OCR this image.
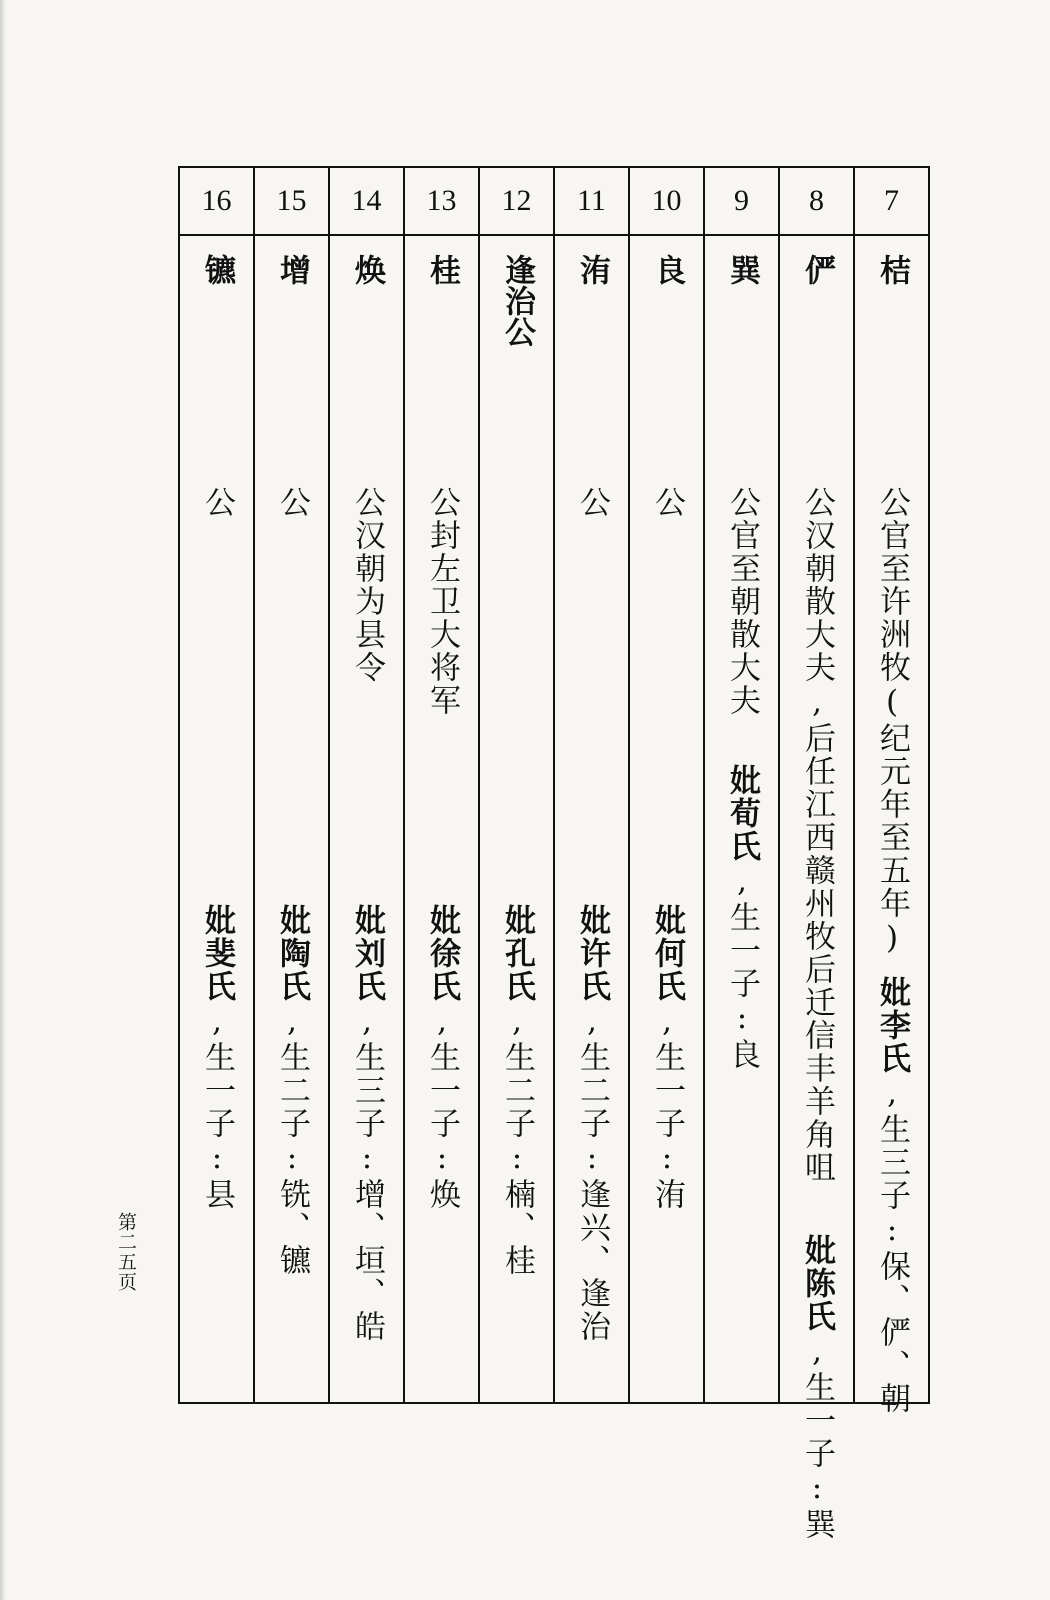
7
桔
公官至许洲牧(纪元年至五年)
妣李氏,生三子:保、俨、朝
8
俨
公汉朝散大夫,后任江西赣州牧后迁信丰羊角咀
妣陈氏,生一子:巽
9
巽
公官至朝散大夫
妣荀氏,生一子:良
10
良
公
妣何氏,生一子:洧
11
洧
公
妣许氏,生二子:逢兴、逢治
12
逢治公
妣孔氏,生二子:楠、桂
13
桂
公封左卫大将军
妣徐氏,生一子:焕
14
焕
公汉朝为县令
妣刘氏,生三子:增、垣、皓
15
增
公
妣陶氏,生二子:铣、镳
16
镳
公
妣斐氏,生一子:县
第二五页
